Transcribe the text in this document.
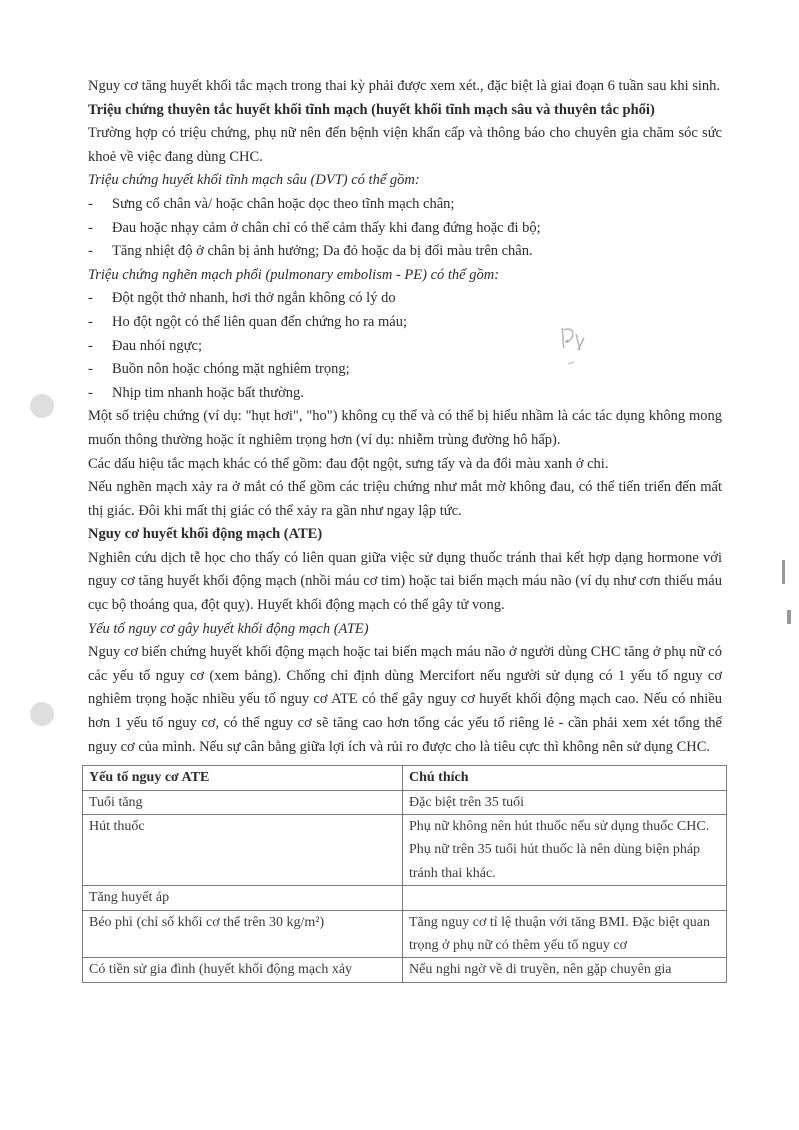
Nguy cơ tăng huyết khối tắc mạch trong thai kỳ phải được xem xét., đặc biệt là giai đoạn 6 tuần sau khi sinh.

Triệu chứng thuyên tắc huyết khối tĩnh mạch (huyết khối tĩnh mạch sâu và thuyên tắc phổi)

Trường hợp có triệu chứng, phụ nữ nên đến bệnh viện khẩn cấp và thông báo cho chuyên gia chăm sóc sức khoẻ về việc đang dùng CHC.

Triệu chứng huyết khối tĩnh mạch sâu (DVT) có thể gồm:

- Sưng cổ chân và/ hoặc chân hoặc dọc theo tĩnh mạch chân;
- Đau hoặc nhạy cảm ở chân chỉ có thể cảm thấy khi đang đứng hoặc đi bộ;
- Tăng nhiệt độ ở chân bị ảnh hưởng; Da đỏ hoặc da bị đổi màu trên chân.

Triệu chứng nghẽn mạch phổi (pulmonary embolism - PE) có thể gồm:

- Đột ngột thở nhanh, hơi thở ngắn không có lý do
- Ho đột ngột có thể liên quan đến chứng ho ra máu;
- Đau nhói ngực;
- Buồn nôn hoặc chóng mặt nghiêm trọng;
- Nhịp tim nhanh hoặc bất thường.

Một số triệu chứng (ví dụ: "hụt hơi", "ho") không cụ thể và có thể bị hiểu nhầm là các tác dụng không mong muốn thông thường hoặc ít nghiêm trọng hơn (ví dụ: nhiễm trùng đường hô hấp).

Các dấu hiệu tắc mạch khác có thể gồm: đau đột ngột, sưng tấy và da đổi màu xanh ở chi.

Nếu nghẽn mạch xảy ra ở mắt có thể gồm các triệu chứng như mắt mờ không đau, có thể tiến triển đến mất thị giác. Đôi khi mất thị giác có thể xảy ra gần như ngay lập tức.

Nguy cơ huyết khối động mạch (ATE)

Nghiên cứu dịch tễ học cho thấy có liên quan giữa việc sử dụng thuốc tránh thai kết hợp dạng hormone với nguy cơ tăng huyết khối động mạch (nhồi máu cơ tim) hoặc tai biến mạch máu não (ví dụ như cơn thiếu máu cục bộ thoáng qua, đột quỵ). Huyết khối động mạch có thể gây tử vong.

Yếu tố nguy cơ gây huyết khối động mạch (ATE)

Nguy cơ biến chứng huyết khối động mạch hoặc tai biến mạch máu não ở người dùng CHC tăng ở phụ nữ có các yếu tố nguy cơ (xem bảng). Chống chỉ định dùng Mercifort nếu người sử dụng có 1 yếu tố nguy cơ nghiêm trọng hoặc nhiều yếu tố nguy cơ ATE có thể gây nguy cơ huyết khối động mạch cao. Nếu có nhiều hơn 1 yếu tố nguy cơ, có thể nguy cơ sẽ tăng cao hơn tổng các yếu tố riêng lẻ - cần phải xem xét tổng thể nguy cơ của mình. Nếu sự cân bằng giữa lợi ích và rủi ro được cho là tiêu cực thì không nên sử dụng CHC.

Yếu tố nguy cơ ATE	Chú thích
Tuổi tăng	Đặc biệt trên 35 tuổi
Hút thuốc	Phụ nữ không nên hút thuốc nếu sử dụng thuốc CHC. Phụ nữ trên 35 tuổi hút thuốc là nên dùng biện pháp tránh thai khác.
Tăng huyết áp	
Béo phì (chỉ số khối cơ thể trên 30 kg/m²)	Tăng nguy cơ tỉ lệ thuận với tăng BMI. Đặc biệt quan trọng ở phụ nữ có thêm yếu tố nguy cơ
Có tiền sử gia đình (huyết khối động mạch xảy	Nếu nghi ngờ về di truyền, nên gặp chuyên gia
